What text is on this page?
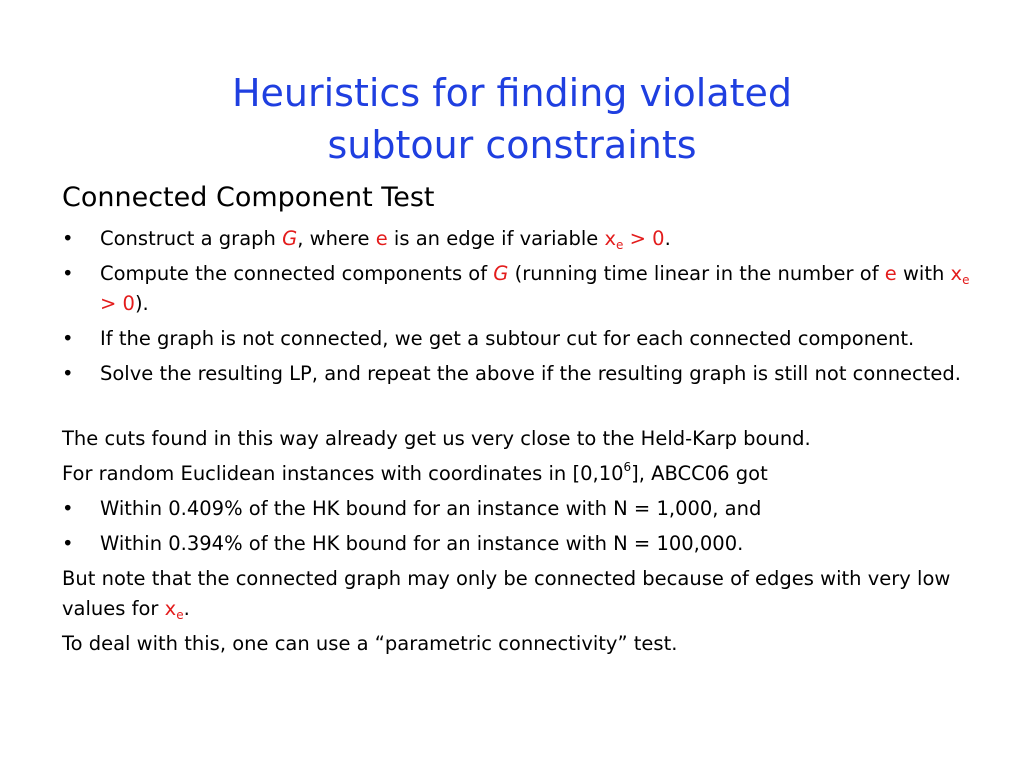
Heuristics for finding violated
subtour constraints
Connected Component Test
• Construct a graph G, where e is an edge if variable $x_e > 0$.
• Compute the connected components of G (running time linear in the number of e with $x_e > 0$).
• If the graph is not connected, we get a subtour cut for each connected component.
• Solve the resulting LP, and repeat the above if the resulting graph is still not connected.
The cuts found in this way already get us very close to the Held-Karp bound.
For random Euclidean instances with coordinates in [0,10$^6$], ABCC06 got
• Within 0.409% of the HK bound for an instance with N = 1,000, and
• Within 0.394% of the HK bound for an instance with N = 100,000.
But note that the connected graph may only be connected because of edges with very low values for $x_e$.
To deal with this, one can use a “parametric connectivity” test.
